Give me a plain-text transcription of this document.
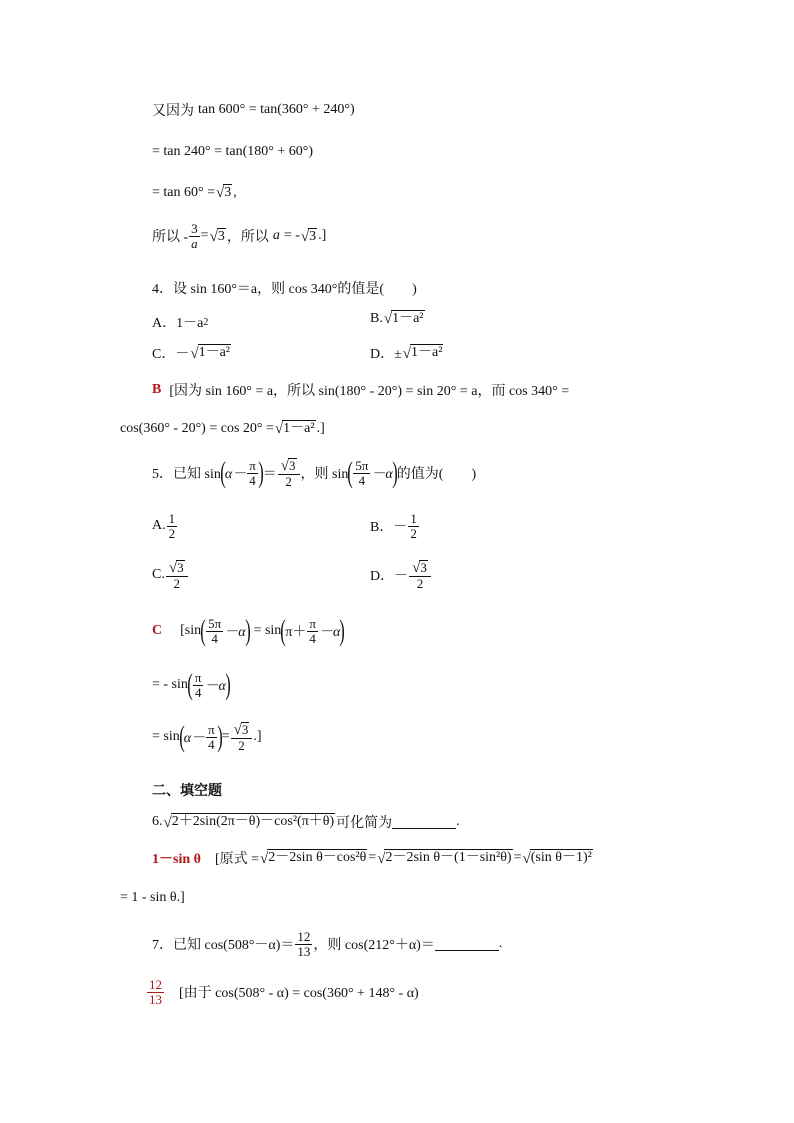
又因为 tan 600° = tan(360° + 240°)
= tan 240° = tan(180° + 60°)
= tan 60° = √ 3 ,
所以 - $\frac{3}{a}$ = √ 3 ，所以 a = - √ 3 .]
4．设 sin 160°＝a，则 cos 340°的值是(　　)
A．1－a 2	B. √ 1－a²
C．－ √ 1－a²	D．± √ 1－a²
B [因为 sin 160° = a，所以 sin(180° - 20°) = sin 20° = a，而 cos 340° =
cos(360° - 20°) = cos 20° = √ 1－a² .]
5．已知 sin ( $\alpha- \frac{\pi}{4}$ ) ＝ $\frac{√ 3}{2}$ ，则 sin ( $\frac{5\pi}{4} -\alpha$ ) 的值为(　　)
A. $\frac{1}{2}$	B．－ $\frac{1}{2}$
C. $\frac{√ 3}{2}$	D．－ $\frac{√ 3}{2}$
C [sin ( $\frac{5\pi}{4} -\alpha$ ) = sin ( $\pi+ \frac{\pi}{4} -\alpha$ )
= - sin ( $\frac{\pi}{4} -\alpha$ )
= sin ( $\alpha- \frac{\pi}{4}$ ) = $\frac{√ 3}{2}$ .]
二、填空题
6. √ 2＋2sin(2π－θ)－cos²(π＋θ) 可化简为	.
1－sin θ [原式 = √ 2－2sin θ－cos²θ = √ 2－2sin θ－(1－sin²θ) = √ (sin θ－1)²
= 1 - sin θ.]
7．已知 $\cos(508^\circ-\alpha)= \frac{12}{13}$ ，则 cos(212°＋α)＝	.
$\frac{12}{13}$ [由于 cos(508° - α) = cos(360° + 148° - α)
